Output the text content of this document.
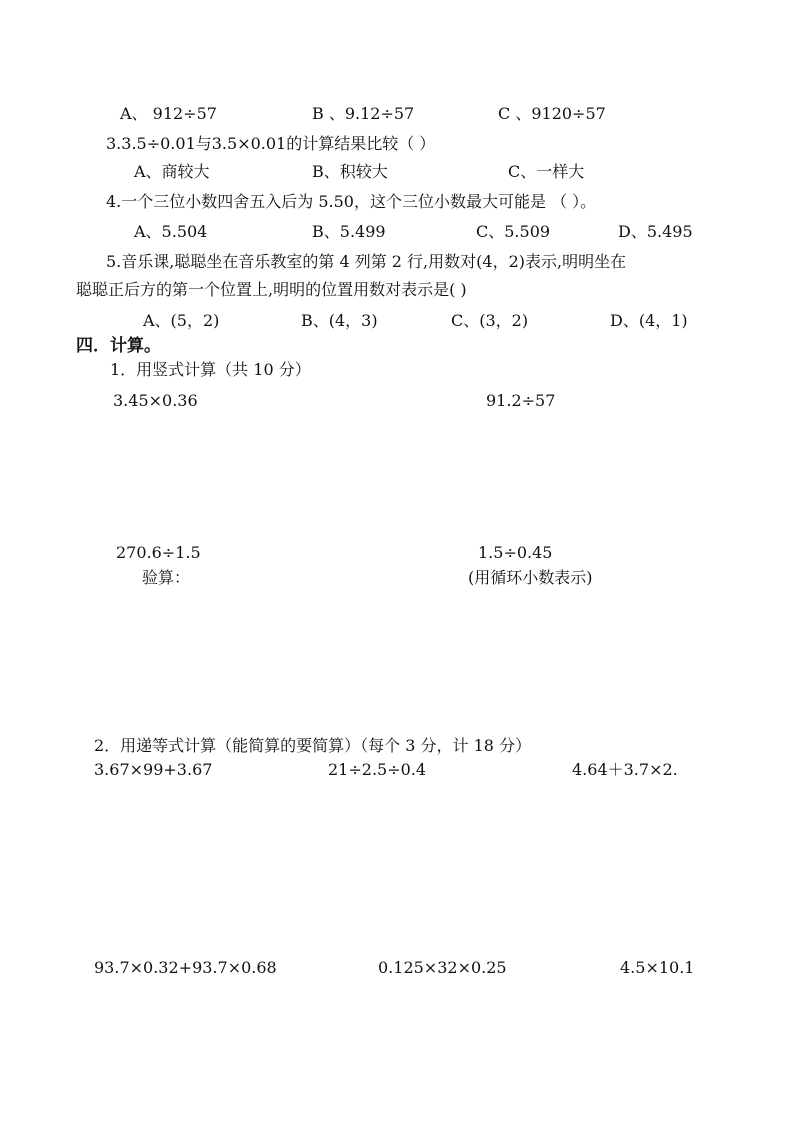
A、 912÷57	B 、9.12÷57	C 、9120÷57
3.3.5÷0.01与3.5×0.01的计算结果比较（ ）
A、商较大	B、积较大	C、一样大
4.一个三位小数四舍五入后为 5.50，这个三位小数最大可能是 （ ）。
A、5.504	B、5.499	C、5.509	D、5.495
5.音乐课,聪聪坐在音乐教室的第 4 列第 2 行,用数对(4，2)表示,明明坐在
聪聪正后方的第一个位置上,明明的位置用数对表示是( )
A、(5，2)	B、(4，3)	C、(3，2)	D、(4，1)
四．计算。
1．用竖式计算（共 10 分）
3.45×0.36	91.2÷57
270.6÷1.5	1.5÷0.45
验算：	(用循环小数表示)
2．用递等式计算（能简算的要简算）（每个 3 分，计 18 分）
3.67×99+3.67	21÷2.5÷0.4	4.64＋3.7×2.
93.7×0.32+93.7×0.68	0.125×32×0.25	4.5×10.1
